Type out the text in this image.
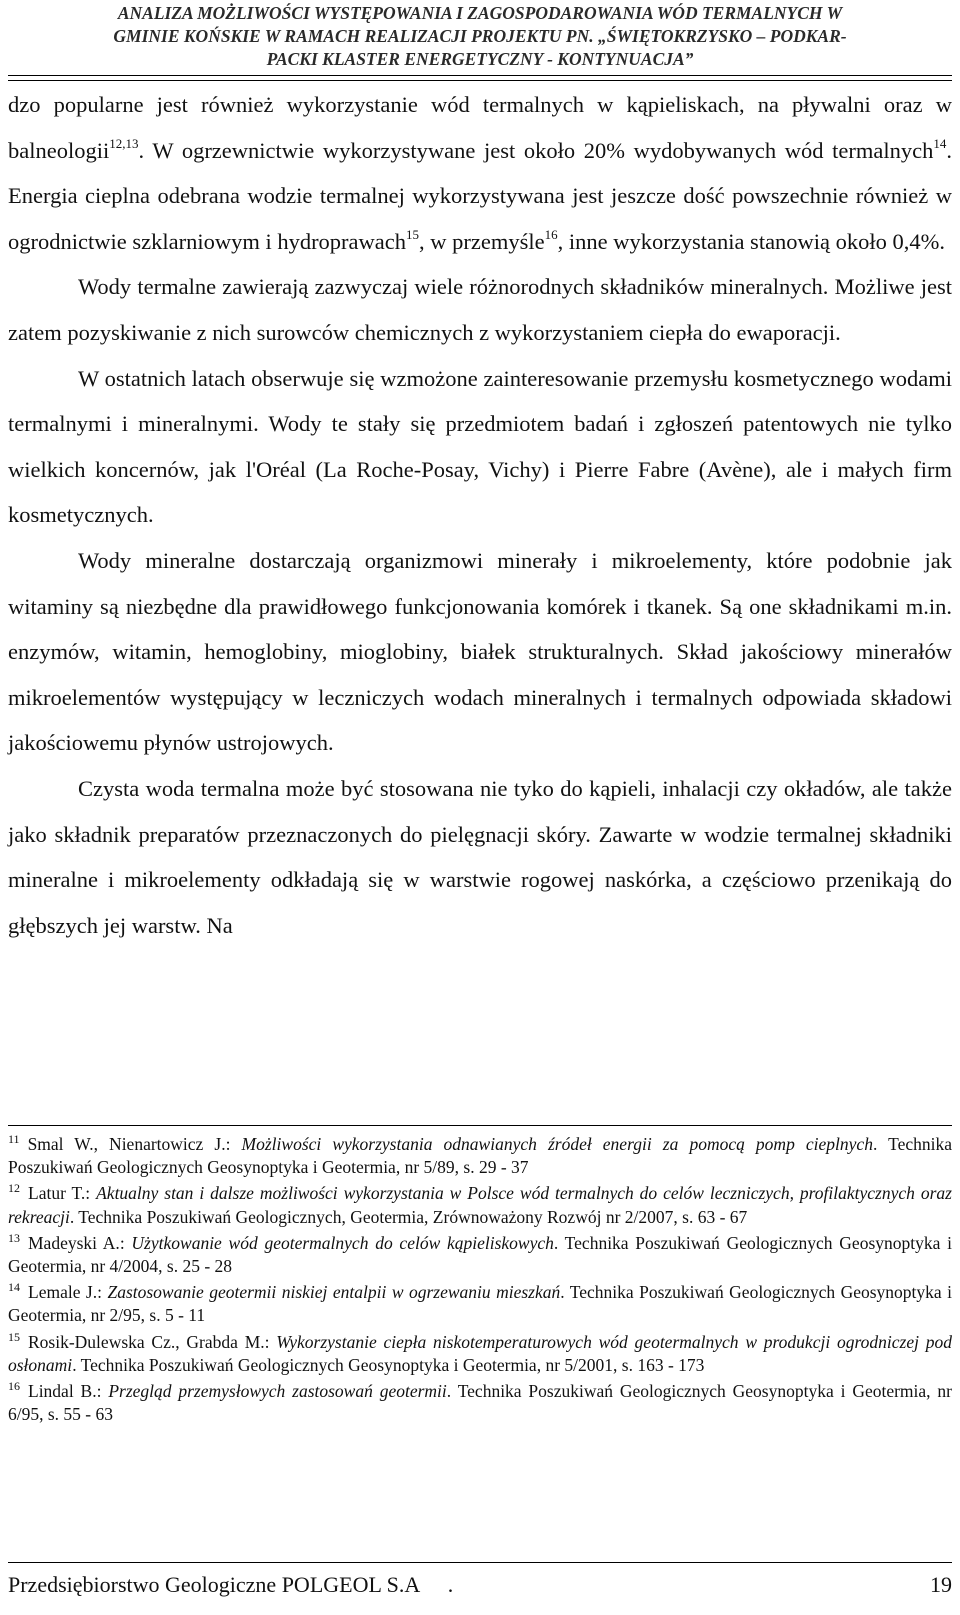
ANALIZA MOŻLIWOŚCI WYSTĘPOWANIA I ZAGOSPODAROWANIA WÓD TERMALNYCH W
GMINIE KOŃSKIE W RAMACH REALIZACJI PROJEKTU PN. „ŚWIĘTOKRZYSKO – PODKAR-
PACKI KLASTER ENERGETYCZNY - KONTYNUACJA”

dzo popularne jest również wykorzystanie wód termalnych w kąpieliskach, na pływalni oraz w balneologii$^{12,13}$. W ogrzewnictwie wykorzystywane jest około 20% wydobywanych wód termalnych$^{14}$. Energia cieplna odebrana wodzie termalnej wykorzystywana jest jeszcze dość powszechnie również w ogrodnictwie szklarniowym i hydroprawach$^{15}$, w przemyśle$^{16}$, inne wykorzystania stanowią około 0,4%.

Wody termalne zawierają zazwyczaj wiele różnorodnych składników mineralnych. Możliwe jest zatem pozyskiwanie z nich surowców chemicznych z wykorzystaniem ciepła do ewaporacji.

W ostatnich latach obserwuje się wzmożone zainteresowanie przemysłu kosmetycznego wodami termalnymi i mineralnymi. Wody te stały się przedmiotem badań i zgłoszeń patentowych nie tylko wielkich koncernów, jak l'Oréal (La Roche-Posay, Vichy) i Pierre Fabre (Avène), ale i małych firm kosmetycznych.

Wody mineralne dostarczają organizmowi minerały i mikroelementy, które podobnie jak witaminy są niezbędne dla prawidłowego funkcjonowania komórek i tkanek. Są one składnikami m.in. enzymów, witamin, hemoglobiny, mioglobiny, białek strukturalnych. Skład jakościowy minerałów mikroelementów występujący w leczniczych wodach mineralnych i termalnych odpowiada składowi jakościowemu płynów ustrojowych.

Czysta woda termalna może być stosowana nie tyko do kąpieli, inhalacji czy okładów, ale także jako składnik preparatów przeznaczonych do pielęgnacji skóry. Zawarte w wodzie termalnej składniki mineralne i mikroelementy odkładają się w warstwie rogowej naskórka, a częściowo przenikają do głębszych jej warstw. Na

$^{11}$ Smal W., Nienartowicz J.: Możliwości wykorzystania odnawianych źródeł energii za pomocą pomp cieplnych. Technika Poszukiwań Geologicznych Geosynoptyka i Geotermia, nr 5/89, s. 29 - 37

$^{12}$ Latur T.: Aktualny stan i dalsze możliwości wykorzystania w Polsce wód termalnych do celów leczniczych, profilaktycznych oraz rekreacji. Technika Poszukiwań Geologicznych, Geotermia, Zrównoważony Rozwój nr 2/2007, s. 63 - 67

$^{13}$ Madeyski A.: Użytkowanie wód geotermalnych do celów kąpieliskowych. Technika Poszukiwań Geologicznych Geosynoptyka i Geotermia, nr 4/2004, s. 25 - 28

$^{14}$ Lemale J.: Zastosowanie geotermii niskiej entalpii w ogrzewaniu mieszkań. Technika Poszukiwań Geologicznych Geosynoptyka i Geotermia, nr 2/95, s. 5 - 11

$^{15}$ Rosik-Dulewska Cz., Grabda M.: Wykorzystanie ciepła niskotemperaturowych wód geotermalnych w produkcji ogrodniczej pod osłonami. Technika Poszukiwań Geologicznych Geosynoptyka i Geotermia, nr 5/2001, s. 163 - 173

$^{16}$ Lindal B.: Przegląd przemysłowych zastosowań geotermii. Technika Poszukiwań Geologicznych Geosynoptyka i Geotermia, nr 6/95, s. 55 - 63

Przedsiębiorstwo Geologiczne POLGEOL S.A .	19
